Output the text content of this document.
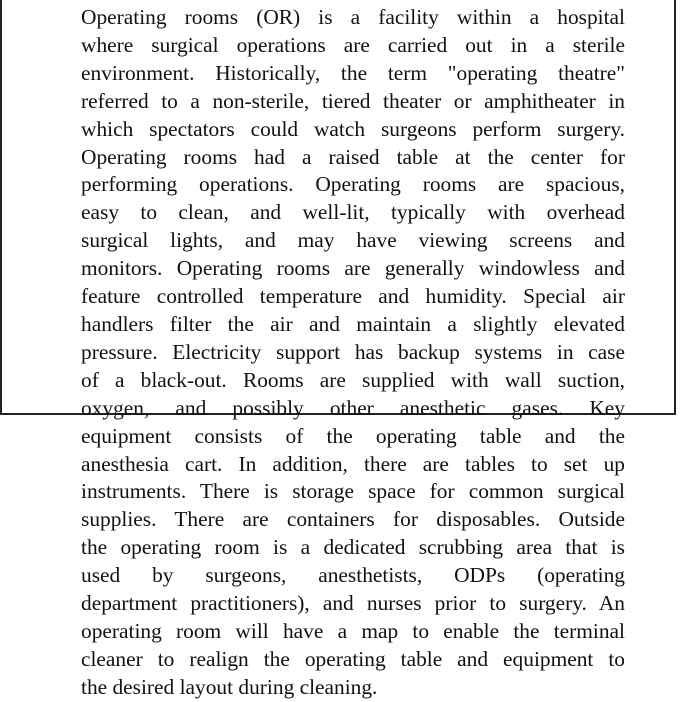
Operating rooms (OR) is a facility within a hospital
where surgical operations are carried out in a sterile
environment. Historically, the term "operating theatre"
referred to a non-sterile, tiered theater or amphitheater in
which spectators could watch surgeons perform surgery.
Operating rooms had a raised table at the center for
performing operations. Operating rooms are spacious,
easy to clean, and well-lit, typically with overhead
surgical lights, and may have viewing screens and
monitors. Operating rooms are generally windowless and
feature controlled temperature and humidity. Special air
handlers filter the air and maintain a slightly elevated
pressure. Electricity support has backup systems in case
of a black-out. Rooms are supplied with wall suction,
oxygen, and possibly other anesthetic gases. Key
equipment consists of the operating table and the
anesthesia cart. In addition, there are tables to set up
instruments. There is storage space for common surgical
supplies. There are containers for disposables. Outside
the operating room is a dedicated scrubbing area that is
used by surgeons, anesthetists, ODPs (operating
department practitioners), and nurses prior to surgery. An
operating room will have a map to enable the terminal
cleaner to realign the operating table and equipment to
the desired layout during cleaning.
